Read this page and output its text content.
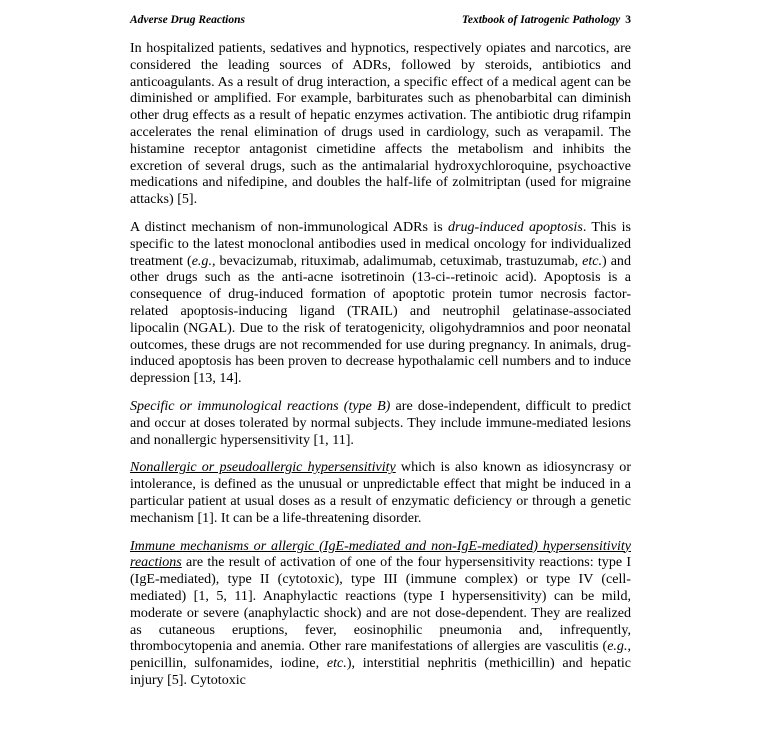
Adverse Drug Reactions	Textbook of Iatrogenic Pathology 3

In hospitalized patients, sedatives and hypnotics, respectively opiates and narcotics, are considered the leading sources of ADRs, followed by steroids, antibiotics and anticoagulants. As a result of drug interaction, a specific effect of a medical agent can be diminished or amplified. For example, barbiturates such as phenobarbital can diminish other drug effects as a result of hepatic enzymes activation. The antibiotic drug rifampin accelerates the renal elimination of drugs used in cardiology, such as verapamil. The histamine receptor antagonist cimetidine affects the metabolism and inhibits the excretion of several drugs, such as the antimalarial hydroxychloroquine, psychoactive medications and nifedipine, and doubles the half-life of zolmitriptan (used for migraine attacks) [5].

A distinct mechanism of non-immunological ADRs is drug-induced apoptosis. This is specific to the latest monoclonal antibodies used in medical oncology for individualized treatment (e.g., bevacizumab, rituximab, adalimumab, cetuximab, trastuzumab, etc.) and other drugs such as the anti-acne isotretinoin (13-ci--retinoic acid). Apoptosis is a consequence of drug-induced formation of apoptotic protein tumor necrosis factor-related apoptosis-inducing ligand (TRAIL) and neutrophil gelatinase-associated lipocalin (NGAL). Due to the risk of teratogenicity, oligohydramnios and poor neonatal outcomes, these drugs are not recommended for use during pregnancy. In animals, drug-induced apoptosis has been proven to decrease hypothalamic cell numbers and to induce depression [13, 14].

Specific or immunological reactions (type B) are dose-independent, difficult to predict and occur at doses tolerated by normal subjects. They include immune-mediated lesions and nonallergic hypersensitivity [1, 11].

Nonallergic or pseudoallergic hypersensitivity which is also known as idiosyncrasy or intolerance, is defined as the unusual or unpredictable effect that might be induced in a particular patient at usual doses as a result of enzymatic deficiency or through a genetic mechanism [1]. It can be a life-threatening disorder.

Immune mechanisms or allergic (IgE-mediated and non-IgE-mediated) hypersensitivity reactions are the result of activation of one of the four hypersensitivity reactions: type I (IgE-mediated), type II (cytotoxic), type III (immune complex) or type IV (cell-mediated) [1, 5, 11]. Anaphylactic reactions (type I hypersensitivity) can be mild, moderate or severe (anaphylactic shock) and are not dose-dependent. They are realized as cutaneous eruptions, fever, eosinophilic pneumonia and, infrequently, thrombocytopenia and anemia. Other rare manifestations of allergies are vasculitis (e.g., penicillin, sulfonamides, iodine, etc.), interstitial nephritis (methicillin) and hepatic injury [5]. Cytotoxic
